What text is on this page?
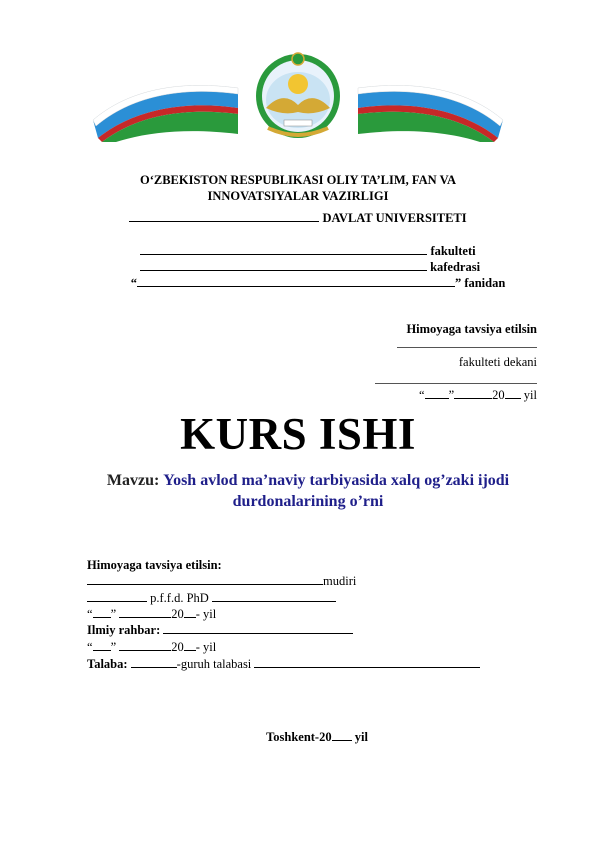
O‘ZBEKISTON RESPUBLIKASI OLIY TA’LIM, FAN VA
INNOVATSIYALAR VAZIRLIGI
DAVLAT UNIVERSITETI
fakulteti
kafedrasi
“	” fanidan
Himoyaga tavsiya etilsin
fakulteti dekani
“ ”	20 yil
KURS ISHI
Mavzu: Yosh avlod ma’naviy tarbiyasida xalq og’zaki ijodi durdonalarining o’rni
Himoyaga tavsiya etilsin:
mudiri
p.f.f.d. PhD
“ ”	20 - yil
Ilmiy rahbar:
“ ”	20 - yil
Talaba:	-guruh talabasi
Toshkent-20 yil
